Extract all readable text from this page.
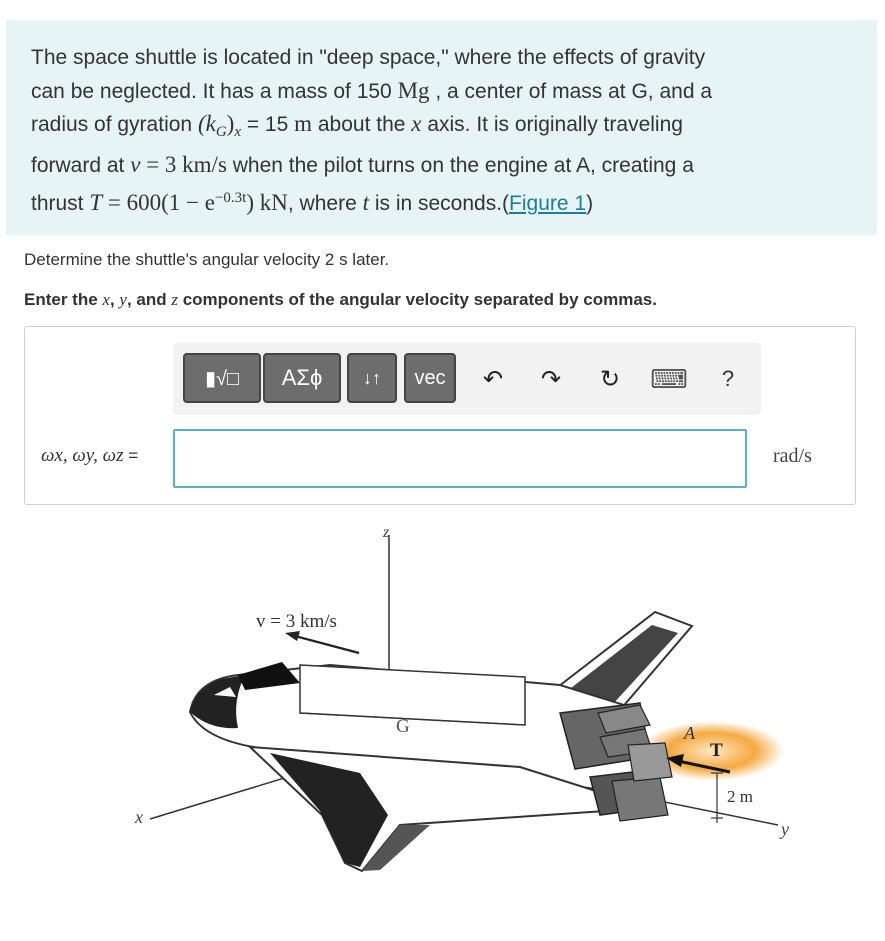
The space shuttle is located in "deep space," where the effects of gravity
can be neglected. It has a mass of 150 Mg , a center of mass at G, and a
radius of gyration $(k_G)_x = 15$ m about the x axis. It is originally traveling
forward at v = 3 km/s when the pilot turns on the engine at A, creating a
thrust $T = 600(1 - e^{-0.3t})$ kN, where t is in seconds.(Figure 1)
Determine the shuttle's angular velocity 2 s later.
Enter the x, y, and z components of the angular velocity separated by commas.
▮√□	ΑΣϕ	↓↑	vec	↶ ↷ ↻ ⌨	?
ωx, ωy, ωz =	rad/s
z
x
y
v = 3 km/s
G	A
T
2 m
